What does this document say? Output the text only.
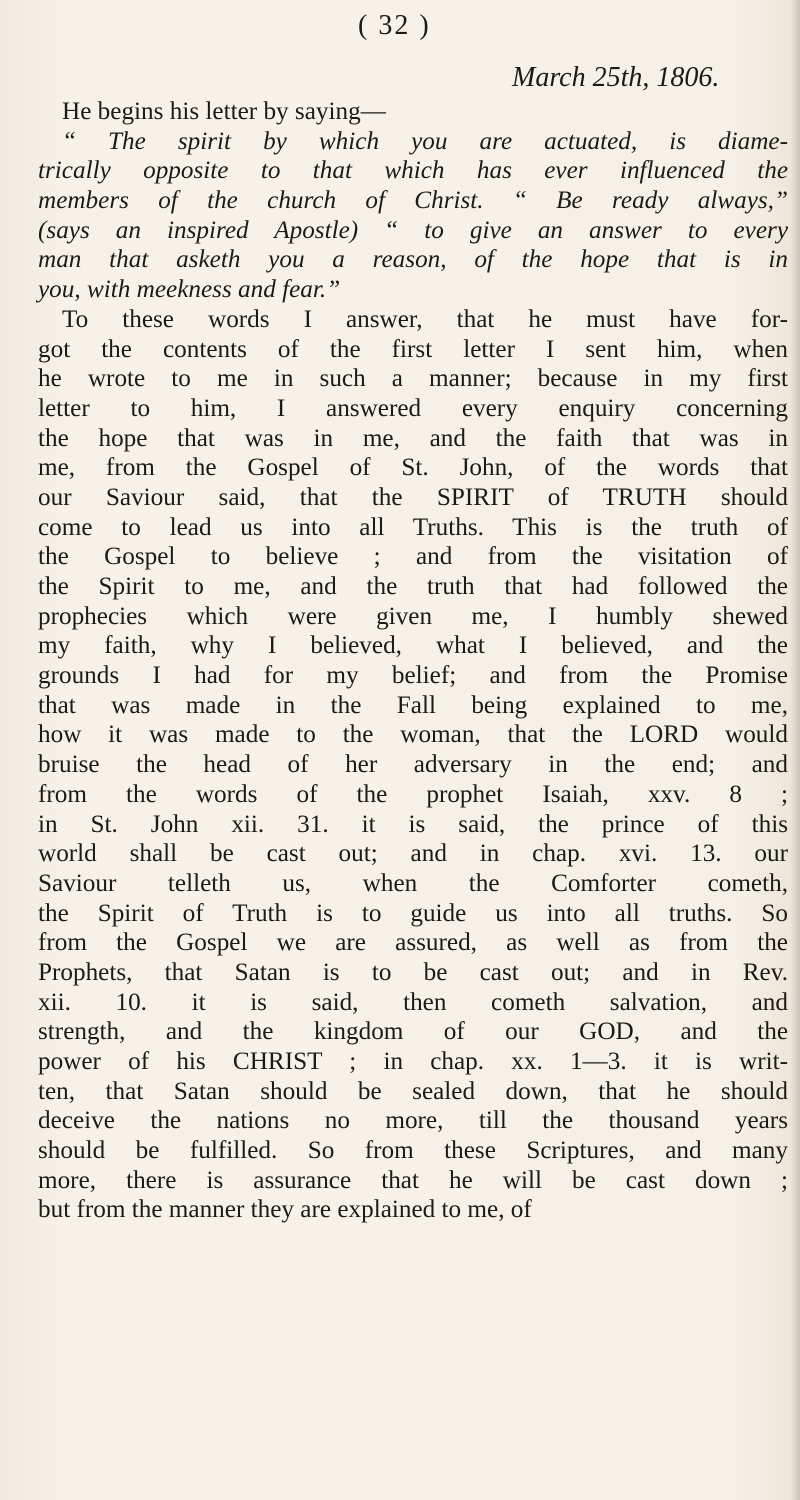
( 32 )
March 25th, 1806.
He begins his letter by saying—
“ The spirit by which you are actuated, is diame-
trically opposite to that which has ever influenced the
members of the church of Christ. “ Be ready always,”
(says an inspired Apostle) “ to give an answer to every
man that asketh you a reason, of the hope that is in
you, with meekness and fear.”
To these words I answer, that he must have for-
got the contents of the first letter I sent him, when
he wrote to me in such a manner; because in my first
letter to him, I answered every enquiry concerning
the hope that was in me, and the faith that was in
me, from the Gospel of St. John, of the words that
our Saviour said, that the SPIRIT of TRUTH should
come to lead us into all Truths. This is the truth of
the Gospel to believe ; and from the visitation of
the Spirit to me, and the truth that had followed the
prophecies which were given me, I humbly shewed
my faith, why I believed, what I believed, and the
grounds I had for my belief; and from the Promise
that was made in the Fall being explained to me,
how it was made to the woman, that the LORD would
bruise the head of her adversary in the end; and
from the words of the prophet Isaiah, xxv. 8 ;
in St. John xii. 31. it is said, the prince of this
world shall be cast out; and in chap. xvi. 13. our
Saviour telleth us, when the Comforter cometh,
the Spirit of Truth is to guide us into all truths. So
from the Gospel we are assured, as well as from the
Prophets, that Satan is to be cast out; and in Rev.
xii. 10. it is said, then cometh salvation, and
strength, and the kingdom of our GOD, and the
power of his CHRIST ; in chap. xx. 1—3. it is writ-
ten, that Satan should be sealed down, that he should
deceive the nations no more, till the thousand years
should be fulfilled. So from these Scriptures, and many
more, there is assurance that he will be cast down ;
but from the manner they are explained to me, of
